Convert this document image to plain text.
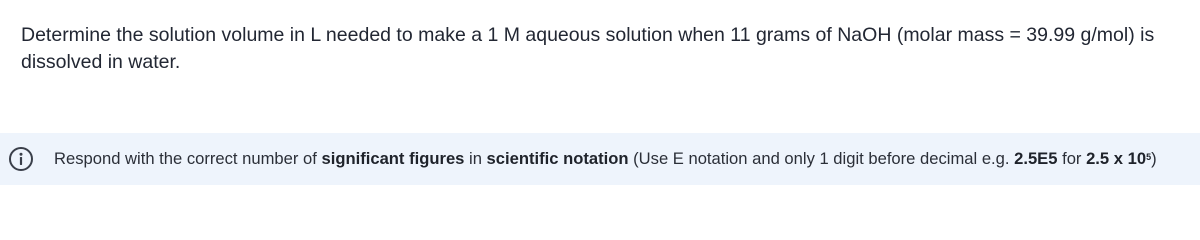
Determine the solution volume in L needed to make a 1 M aqueous solution when 11 grams of NaOH (molar mass = 39.99 g/mol) is dissolved in water.
Respond with the correct number of significant figures in scientific notation (Use E notation and only 1 digit before decimal e.g. 2.5E5 for 2.5 x $10^5$)
